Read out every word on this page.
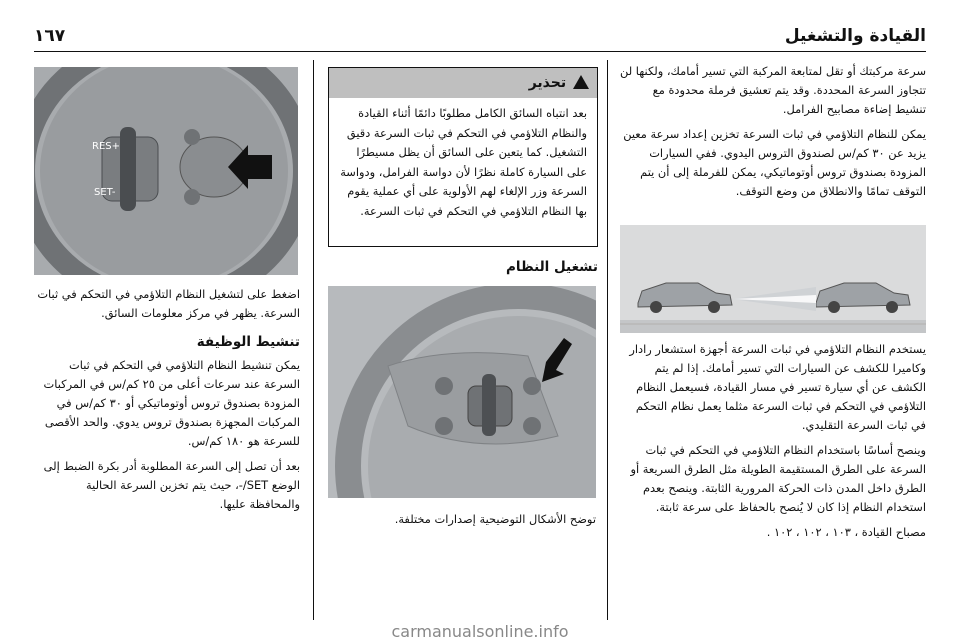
القيادة والتشغيل
١٦٧

سرعة مركبتك أو تقل لمتابعة المركبة التي تسير أمامك، ولكنها لن تتجاوز السرعة المحددة. وقد يتم تعشيق فرملة محدودة مع تنشيط إضاءة مصابيح الفرامل.

يمكن للنظام التلاؤمي في ثبات السرعة تخزين إعداد سرعة معين يزيد عن ٣٠ كم/س لصندوق التروس اليدوي. ففي السيارات المزودة بصندوق تروس أوتوماتيكي، يمكن للفرملة إلى أن يتم التوقف تمامًا والانطلاق من وضع التوقف.

يستخدم النظام التلاؤمي في ثبات السرعة أجهزة استشعار رادار وكاميرا للكشف عن السيارات التي تسير أمامك. إذا لم يتم الكشف عن أي سيارة تسير في مسار القيادة، فسيعمل النظام التلاؤمي في التحكم في ثبات السرعة مثلما يعمل نظام التحكم في ثبات السرعة التقليدي.

وينصح أساسًا باستخدام النظام التلاؤمي في التحكم في ثبات السرعة على الطرق المستقيمة الطويلة مثل الطرق السريعة أو الطرق داخل المدن ذات الحركة المرورية الثابتة. وينصح بعدم استخدام النظام إذا كان لا يُنصح بالحفاظ على سرعة ثابتة.

مصباح القيادة ، ١٠٣ ، ١٠٢ ، ١٠٢ .

تحذير
بعد انتباه السائق الكامل مطلوبًا دائمًا أثناء القيادة والنظام التلاؤمي في التحكم في ثبات السرعة دقيق التشغيل. كما يتعين على السائق أن يظل مسيطرًا على السيارة كاملة نظرًا لأن دواسة الفرامل، ودواسة السرعة وزر الإلغاء لهم الأولوية على أي عملية يقوم بها النظام التلاؤمي في التحكم في ثبات السرعة.
تشغيل النظام

توضح الأشكال التوضيحية إصدارات مختلفة.

RES+
SET-

اضغط على لتشغيل النظام التلاؤمي في التحكم في ثبات السرعة. يظهر في مركز معلومات السائق.

تنشيط الوظيفة

يمكن تنشيط النظام التلاؤمي في التحكم في ثبات السرعة عند سرعات أعلى من ٢٥ كم/س في المركبات المزودة بصندوق تروس أوتوماتيكي أو ٣٠ كم/س في المركبات المجهزة بصندوق تروس يدوي. والحد الأقصى للسرعة هو ١٨٠ كم/س.

بعد أن تصل إلى السرعة المطلوبة أدر بكرة الضبط إلى الوضع SET/-، حيث يتم تخزين السرعة الحالية والمحافظة عليها.

carmanualsonline.info
